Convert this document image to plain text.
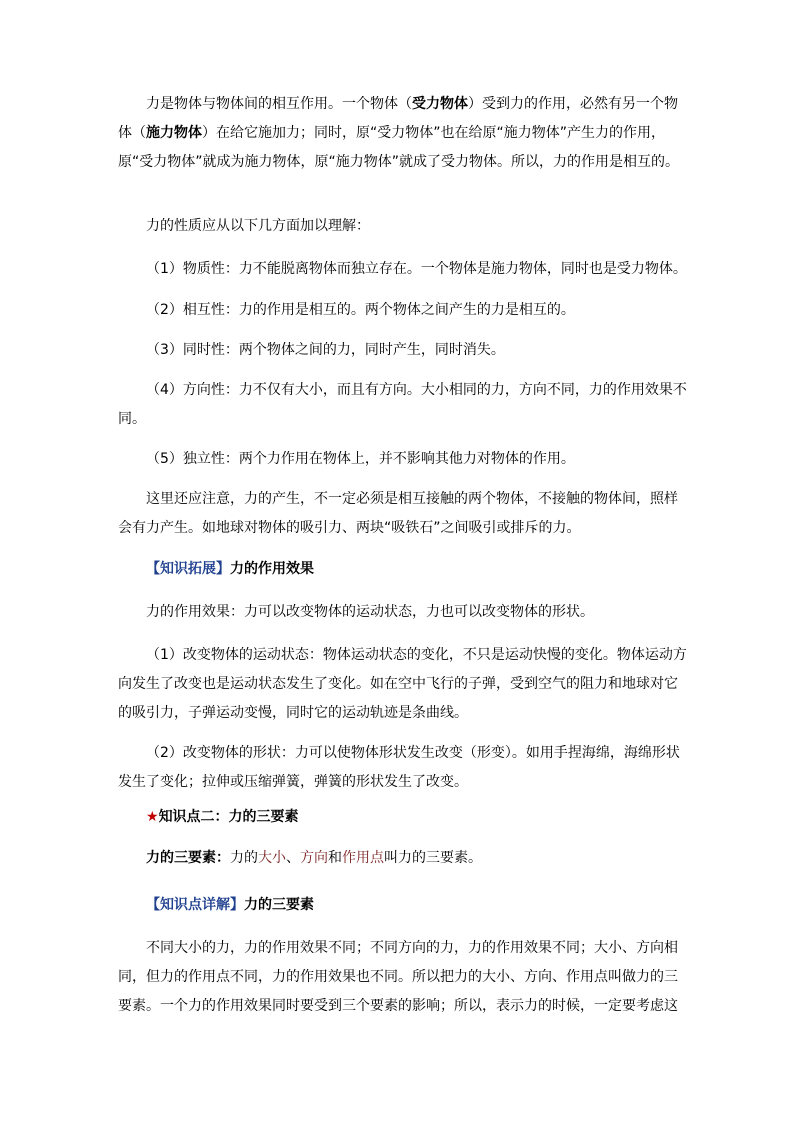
力是物体与物体间的相互作用。一个物体（受力物体）受到力的作用，必然有另一个物体（施力物体）在给它施加力；同时，原“受力物体”也在给原“施力物体”产生力的作用，原“受力物体”就成为施力物体，原“施力物体”就成了受力物体。所以，力的作用是相互的。

力的性质应从以下几方面加以理解：

（1）物质性：力不能脱离物体而独立存在。一个物体是施力物体，同时也是受力物体。

（2）相互性：力的作用是相互的。两个物体之间产生的力是相互的。

（3）同时性：两个物体之间的力，同时产生，同时消失。

（4）方向性：力不仅有大小，而且有方向。大小相同的力，方向不同，力的作用效果不同。

（5）独立性：两个力作用在物体上，并不影响其他力对物体的作用。

这里还应注意，力的产生，不一定必须是相互接触的两个物体，不接触的物体间，照样会有力产生。如地球对物体的吸引力、两块“吸铁石”之间吸引或排斥的力。

【知识拓展】力的作用效果

力的作用效果：力可以改变物体的运动状态，力也可以改变物体的形状。

（1）改变物体的运动状态：物体运动状态的变化，不只是运动快慢的变化。物体运动方向发生了改变也是运动状态发生了变化。如在空中飞行的子弹，受到空气的阻力和地球对它的吸引力，子弹运动变慢，同时它的运动轨迹是条曲线。

（2）改变物体的形状：力可以使物体形状发生改变（形变）。如用手捏海绵，海绵形状发生了变化；拉伸或压缩弹簧，弹簧的形状发生了改变。

★知识点二：力的三要素

力的三要素：力的大小、方向和作用点叫力的三要素。

【知识点详解】力的三要素

不同大小的力，力的作用效果不同；不同方向的力，力的作用效果不同；大小、方向相同，但力的作用点不同，力的作用效果也不同。所以把力的大小、方向、作用点叫做力的三要素。一个力的作用效果同时要受到三个要素的影响；所以，表示力的时候，一定要考虑这
